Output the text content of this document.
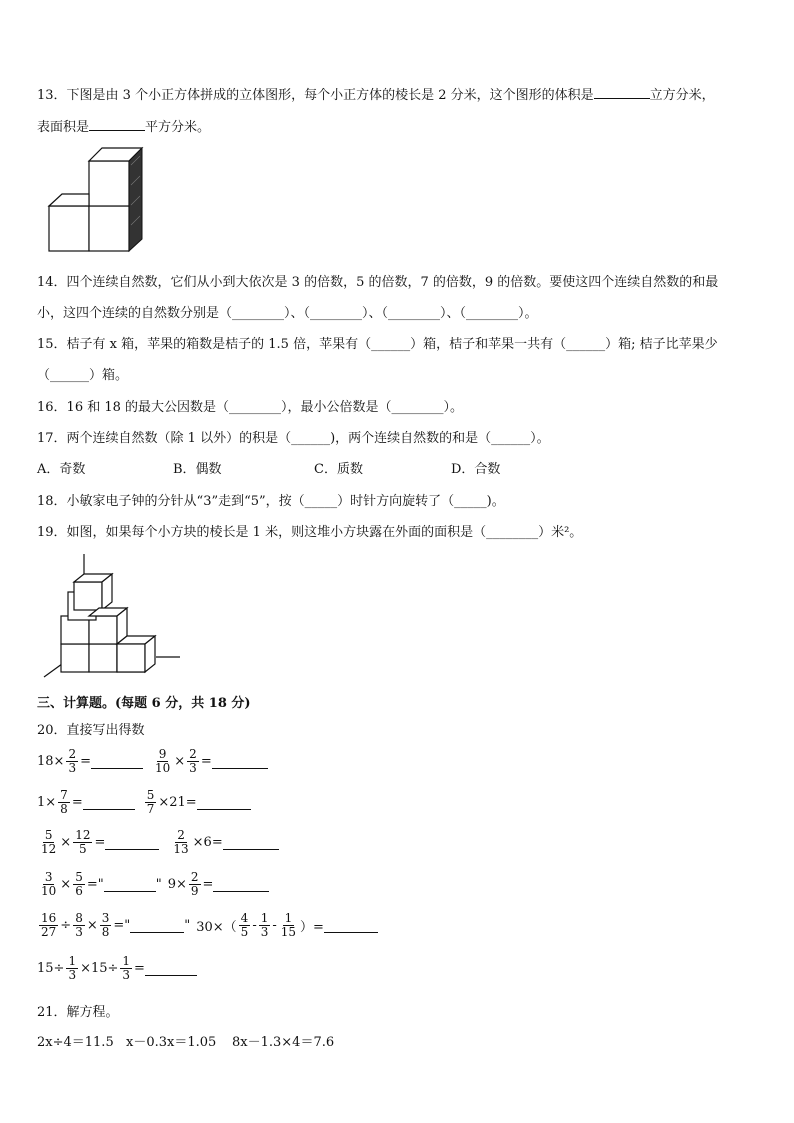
13．下图是由 3 个小正方体拼成的立体图形，每个小正方体的棱长是 2 分米，这个图形的体积是	立方分米，
表面积是	平方分米。
14．四个连续自然数，它们从小到大依次是 3 的倍数，5 的倍数，7 的倍数，9 的倍数。要使这四个连续自然数的和最
小，这四个连续的自然数分别是（________）、（________）、（________）、（________）。
15．桔子有 x 箱，苹果的箱数是桔子的 1.5 倍，苹果有（______）箱，桔子和苹果一共有（______）箱; 桔子比苹果少
（______）箱。
16．16 和 18 的最大公因数是（________），最小公倍数是（________）。
17．两个连续自然数（除 1 以外）的积是（______)，两个连续自然数的和是（______）。
A．奇数	B．偶数	C．质数	D．合数
18．小敏家电子钟的分针从“3”走到“5”，按（_____）时针方向旋转了（_____)。
19．如图，如果每个小方块的棱长是 1 米，则这堆小方块露在外面的面积是（________）米²。
三、计算题。(每题 6 分，共 18 分)
20．直接写出得数
$18\times \frac{2}{3}$ =	$\frac{9}{10} \times \frac{2}{3}$ =
$1\times \frac{7}{8}$ =	$\frac{5}{7} \times 21=$
$\frac{5}{12} \times \frac{12}{5}$ =	$\frac{2}{13} \times 6=$
$\frac{3}{10} \times \frac{5}{6}$ ="	" $9\times \frac{2}{9}$ =
$\frac{16}{27} \div \frac{8}{3} \times \frac{3}{8}$ ="	" $30\times( \frac{4}{5} - \frac{1}{3} - \frac{1}{15}$ ）=
$15\div \frac{1}{3} \times 15\div \frac{1}{3}$ =
21．解方程。
2x÷4＝11.5 x－0.3x＝1.05 8x－1.3×4＝7.6
